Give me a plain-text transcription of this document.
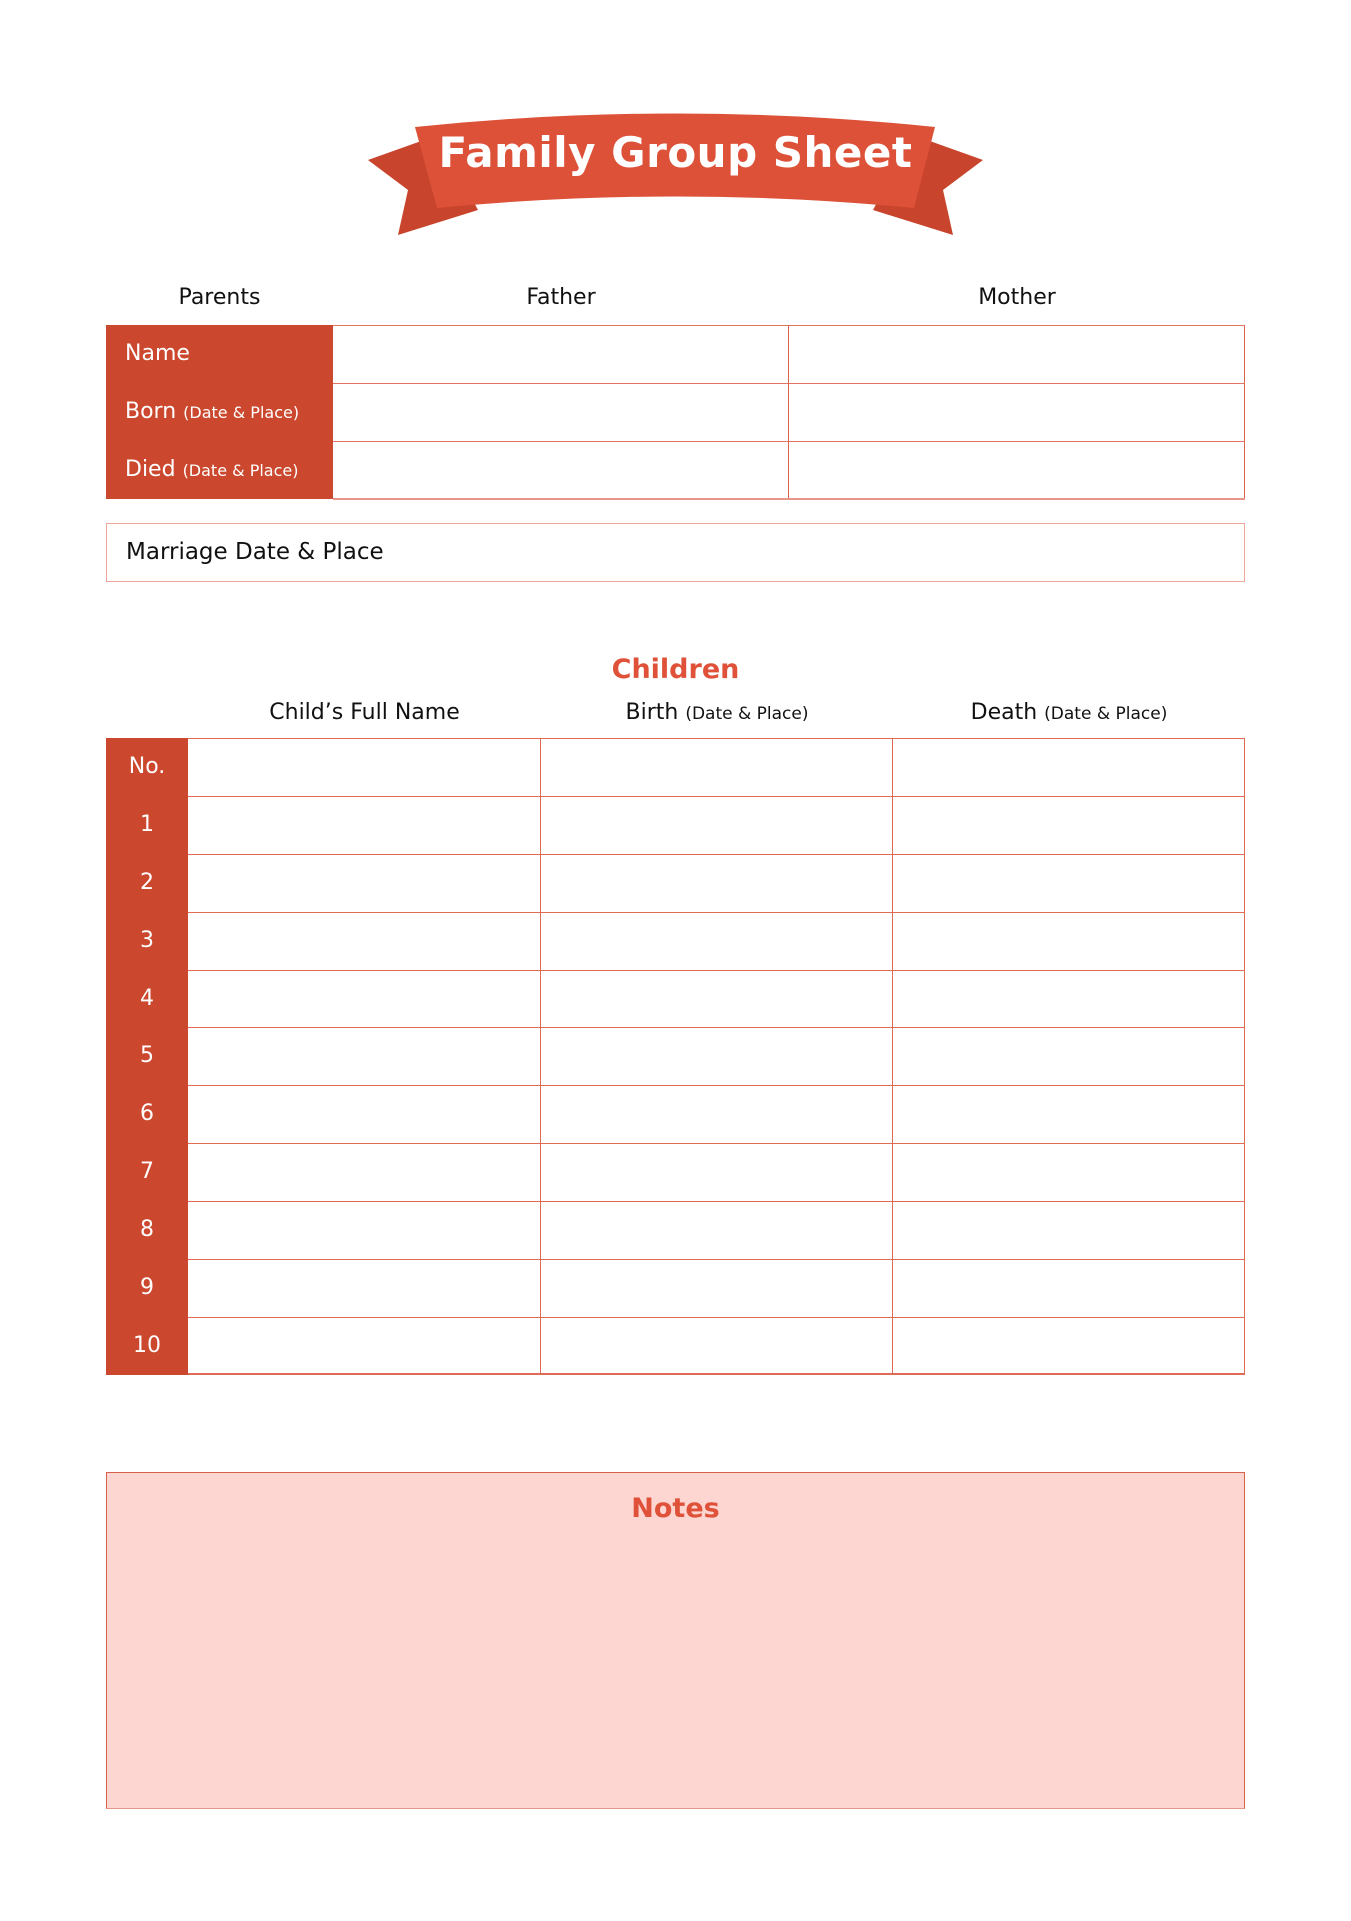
Family Group Sheet
Parents	Father	Mother
Name
Born (Date & Place)
Died (Date & Place)
Marriage Date & Place
Children
Child’s Full Name	Birth (Date & Place)	Death (Date & Place)
No.
1
2
3
4
5
6
7
8
9
10
Notes
